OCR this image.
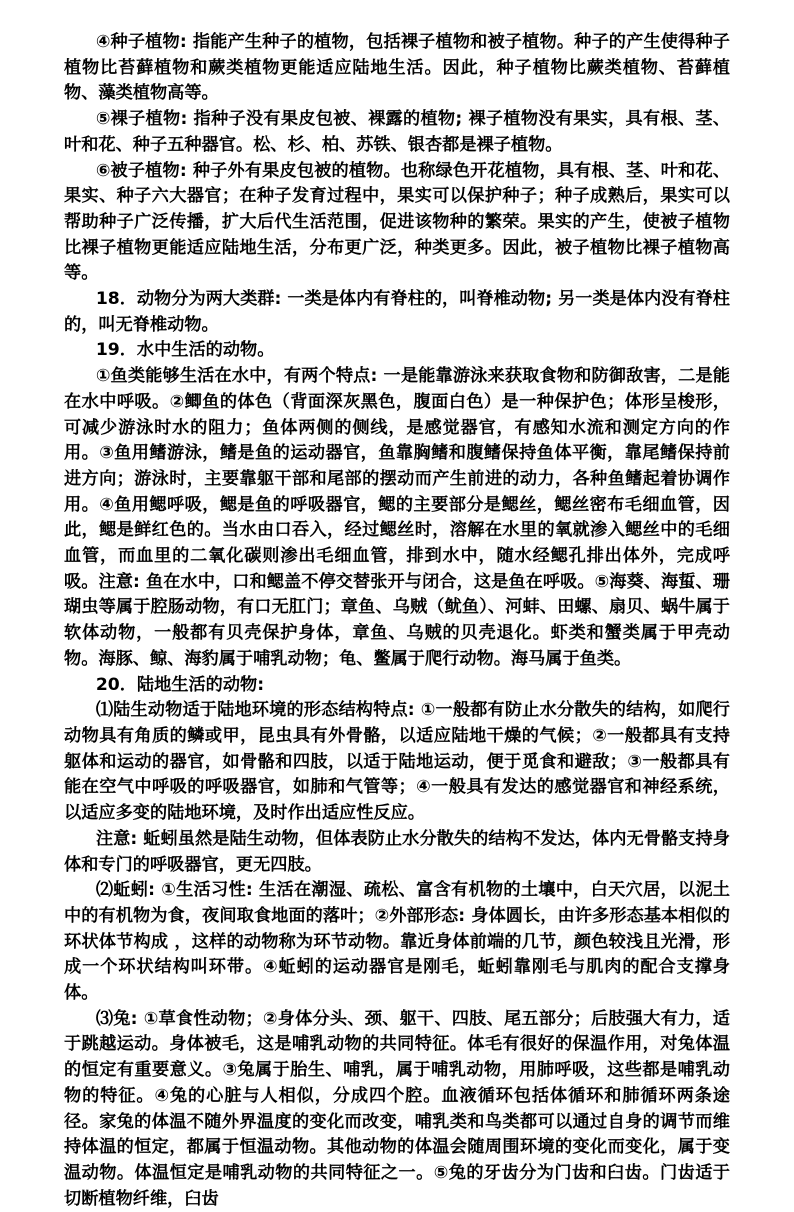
④种子植物: 指能产生种子的植物，包括裸子植物和被子植物。种子的产生使得种子植物比苔藓植物和蕨类植物更能适应陆地生活。因此，种子植物比蕨类植物、苔藓植物、藻类植物高等。

⑤裸子植物: 指种子没有果皮包被、裸露的植物; 裸子植物没有果实，具有根、茎、叶和花、种子五种器官。松、杉、柏、苏铁、银杏都是裸子植物。

⑥被子植物: 种子外有果皮包被的植物。也称绿色开花植物，具有根、茎、叶和花、果实、种子六大器官；在种子发育过程中，果实可以保护种子；种子成熟后，果实可以帮助种子广泛传播，扩大后代生活范围，促进该物种的繁荣。果实的产生，使被子植物比裸子植物更能适应陆地生活，分布更广泛，种类更多。因此，被子植物比裸子植物高等。

18．动物分为两大类群: 一类是体内有脊柱的，叫脊椎动物; 另一类是体内没有脊柱的，叫无脊椎动物。

19．水中生活的动物。

①鱼类能够生活在水中，有两个特点: 一是能靠游泳来获取食物和防御敌害，二是能在水中呼吸。②鲫鱼的体色（背面深灰黑色，腹面白色）是一种保护色；体形呈梭形，可减少游泳时水的阻力；鱼体两侧的侧线，是感觉器官，有感知水流和测定方向的作用。③鱼用鳍游泳，鳍是鱼的运动器官，鱼靠胸鳍和腹鳍保持鱼体平衡，靠尾鳍保持前进方向；游泳时，主要靠躯干部和尾部的摆动而产生前进的动力，各种鱼鳍起着协调作用。④鱼用鳃呼吸，鳃是鱼的呼吸器官，鳃的主要部分是鳃丝，鳃丝密布毛细血管，因此，鳃是鲜红色的。当水由口吞入，经过鳃丝时，溶解在水里的氧就渗入鳃丝中的毛细血管，而血里的二氧化碳则渗出毛细血管，排到水中，随水经鳃孔排出体外，完成呼吸。注意: 鱼在水中，口和鳃盖不停交替张开与闭合，这是鱼在呼吸。⑤海葵、海蜇、珊瑚虫等属于腔肠动物，有口无肛门；章鱼、乌贼（鱿鱼）、河蚌、田螺、扇贝、蜗牛属于软体动物，一般都有贝壳保护身体，章鱼、乌贼的贝壳退化。虾类和蟹类属于甲壳动物。海豚、鲸、海豹属于哺乳动物；龟、鳖属于爬行动物。海马属于鱼类。

20．陆地生活的动物:

⑴陆生动物适于陆地环境的形态结构特点: ①一般都有防止水分散失的结构，如爬行动物具有角质的鳞或甲，昆虫具有外骨骼，以适应陆地干燥的气候；②一般都具有支持躯体和运动的器官，如骨骼和四肢，以适于陆地运动，便于觅食和避敌；③一般都具有能在空气中呼吸的呼吸器官，如肺和气管等；④一般具有发达的感觉器官和神经系统，以适应多变的陆地环境，及时作出适应性反应。

注意: 蚯蚓虽然是陆生动物，但体表防止水分散失的结构不发达，体内无骨骼支持身体和专门的呼吸器官，更无四肢。

⑵蚯蚓: ①生活习性: 生活在潮湿、疏松、富含有机物的土壤中，白天穴居，以泥土中的有机物为食，夜间取食地面的落叶；②外部形态: 身体圆长，由许多形态基本相似的环状体节构成 ，这样的动物称为环节动物。靠近身体前端的几节，颜色较浅且光滑，形成一个环状结构叫环带。④蚯蚓的运动器官是刚毛，蚯蚓靠刚毛与肌肉的配合支撑身体。

⑶兔: ①草食性动物；②身体分头、颈、躯干、四肢、尾五部分；后肢强大有力，适于跳越运动。身体被毛，这是哺乳动物的共同特征。体毛有很好的保温作用，对兔体温的恒定有重要意义。③兔属于胎生、哺乳，属于哺乳动物，用肺呼吸，这些都是哺乳动物的特征。④兔的心脏与人相似，分成四个腔。血液循环包括体循环和肺循环两条途径。家兔的体温不随外界温度的变化而改变，哺乳类和鸟类都可以通过自身的调节而维持体温的恒定，都属于恒温动物。其他动物的体温会随周围环境的变化而变化，属于变温动物。体温恒定是哺乳动物的共同特征之一。⑤兔的牙齿分为门齿和臼齿。门齿适于切断植物纤维，臼齿
